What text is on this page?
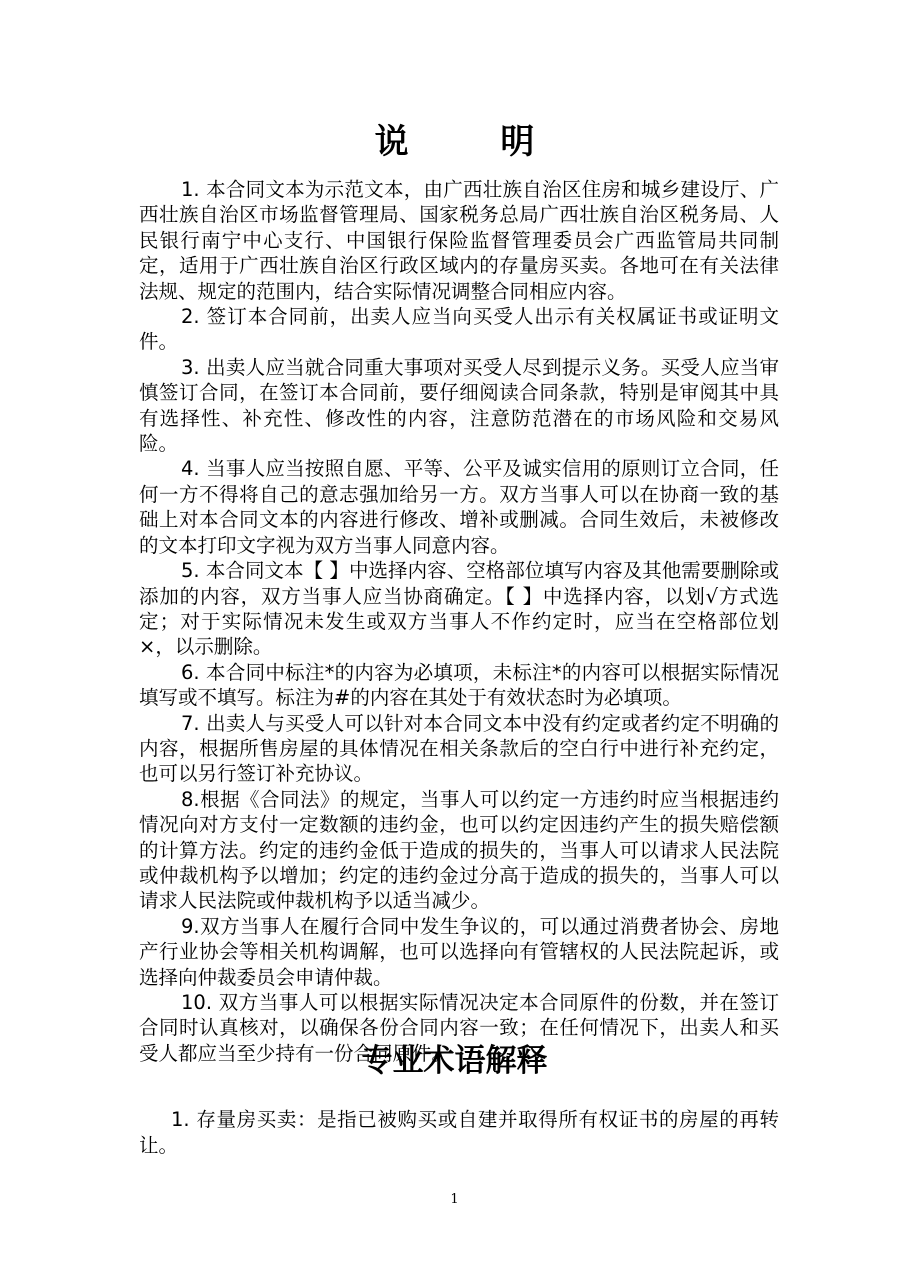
说 明

1. 本合同文本为示范文本，由广西壮族自治区住房和城乡建设厅、广西壮族自治区市场监督管理局、国家税务总局广西壮族自治区税务局、人民银行南宁中心支行、中国银行保险监督管理委员会广西监管局共同制定，适用于广西壮族自治区行政区域内的存量房买卖。各地可在有关法律法规、规定的范围内，结合实际情况调整合同相应内容。

2. 签订本合同前，出卖人应当向买受人出示有关权属证书或证明文件。

3. 出卖人应当就合同重大事项对买受人尽到提示义务。买受人应当审慎签订合同，在签订本合同前，要仔细阅读合同条款，特别是审阅其中具有选择性、补充性、修改性的内容，注意防范潜在的市场风险和交易风险。

4. 当事人应当按照自愿、平等、公平及诚实信用的原则订立合同，任何一方不得将自己的意志强加给另一方。双方当事人可以在协商一致的基础上对本合同文本的内容进行修改、增补或删减。合同生效后，未被修改的文本打印文字视为双方当事人同意内容。

5. 本合同文本【 】中选择内容、空格部位填写内容及其他需要删除或添加的内容，双方当事人应当协商确定。【 】中选择内容，以划√方式选定；对于实际情况未发生或双方当事人不作约定时，应当在空格部位划×，以示删除。

6. 本合同中标注*的内容为必填项，未标注*的内容可以根据实际情况填写或不填写。标注为#的内容在其处于有效状态时为必填项。

7. 出卖人与买受人可以针对本合同文本中没有约定或者约定不明确的内容，根据所售房屋的具体情况在相关条款后的空白行中进行补充约定，也可以另行签订补充协议。

8.根据《合同法》的规定，当事人可以约定一方违约时应当根据违约情况向对方支付一定数额的违约金，也可以约定因违约产生的损失赔偿额的计算方法。约定的违约金低于造成的损失的，当事人可以请求人民法院或仲裁机构予以增加；约定的违约金过分高于造成的损失的，当事人可以请求人民法院或仲裁机构予以适当减少。

9.双方当事人在履行合同中发生争议的，可以通过消费者协会、房地产行业协会等相关机构调解，也可以选择向有管辖权的人民法院起诉，或选择向仲裁委员会申请仲裁。

10. 双方当事人可以根据实际情况决定本合同原件的份数，并在签订合同时认真核对，以确保各份合同内容一致；在任何情况下，出卖人和买受人都应当至少持有一份合同原件。

专业术语解释

1. 存量房买卖：是指已被购买或自建并取得所有权证书的房屋的再转让。

1
